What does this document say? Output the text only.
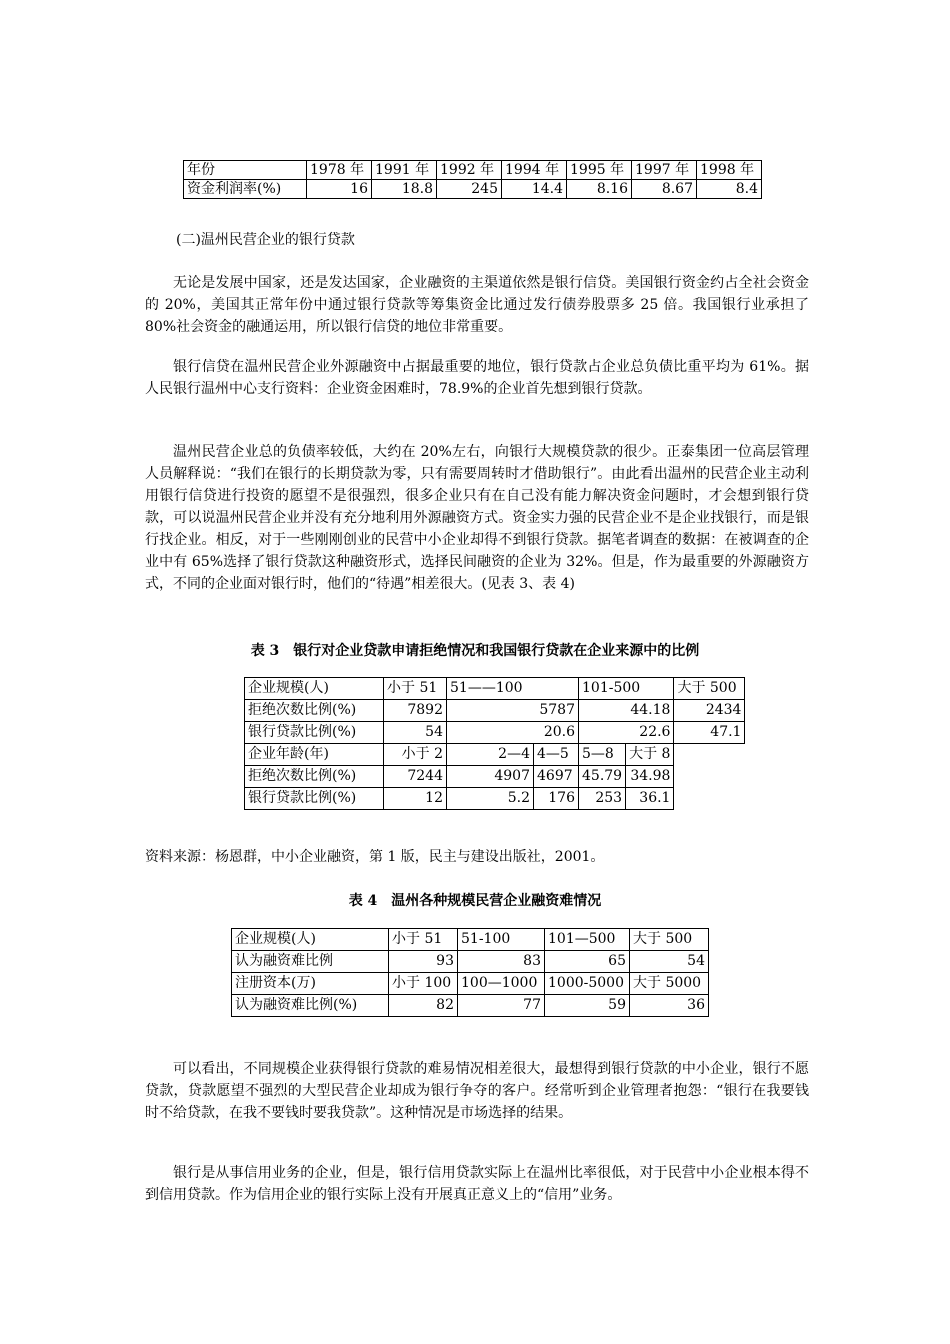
年份	1978 年	1991 年	1992 年	1994 年	1995 年	1997 年	1998 年
资金利润率(%)	16	18.8	245	14.4	8.16	8.67	8.4
(二)温州民营企业的银行贷款

无论是发展中国家，还是发达国家，企业融资的主渠道依然是银行信贷。美国银行资金约占全社会资金的 20%，美国其正常年份中通过银行贷款等筹集资金比通过发行债券股票多 25 倍。我国银行业承担了 80%社会资金的融通运用，所以银行信贷的地位非常重要。

银行信贷在温州民营企业外源融资中占据最重要的地位，银行贷款占企业总负债比重平均为 61%。据人民银行温州中心支行资料：企业资金困难时，78.9%的企业首先想到银行贷款。

温州民营企业总的负债率较低，大约在 20%左右，向银行大规模贷款的很少。正泰集团一位高层管理人员解释说：“我们在银行的长期贷款为零，只有需要周转时才借助银行”。由此看出温州的民营企业主动利用银行信贷进行投资的愿望不是很强烈，很多企业只有在自己没有能力解决资金问题时，才会想到银行贷款，可以说温州民营企业并没有充分地利用外源融资方式。资金实力强的民营企业不是企业找银行，而是银行找企业。相反，对于一些刚刚创业的民营中小企业却得不到银行贷款。据笔者调查的数据：在被调查的企业中有 65%选择了银行贷款这种融资形式，选择民间融资的企业为 32%。但是，作为最重要的外源融资方式，不同的企业面对银行时，他们的“待遇”相差很大。(见表 3、表 4)

表 3　银行对企业贷款申请拒绝情况和我国银行贷款在企业来源中的比例
企业规模(人)	小于 51	51——100		101-500		大于 500
拒绝次数比例(%)	7892	5787		44.18		2434
银行贷款比例(%)	54	20.6		22.6		47.1
企业年龄(年)	小于 2	2—4	4—5	5—8	大于 8	
拒绝次数比例(%)	7244	4907	4697	45.79	34.98	
银行贷款比例(%)	12	5.2	176	253	36.1	
资料来源：杨恩群，中小企业融资，第 1 版，民主与建设出版社，2001。
表 4　温州各种规模民营企业融资难情况
企业规模(人)	小于 51	51-100	101—500	大于 500
认为融资难比例	93	83	65	54
注册资本(万)	小于 100	100—1000	1000-5000	大于 5000
认为融资难比例(%)	82	77	59	36

可以看出，不同规模企业获得银行贷款的难易情况相差很大，最想得到银行贷款的中小企业，银行不愿贷款，贷款愿望不强烈的大型民营企业却成为银行争夺的客户。经常听到企业管理者抱怨：“银行在我要钱时不给贷款，在我不要钱时要我贷款”。这种情况是市场选择的结果。

银行是从事信用业务的企业，但是，银行信用贷款实际上在温州比率很低，对于民营中小企业根本得不到信用贷款。作为信用企业的银行实际上没有开展真正意义上的“信用”业务。
